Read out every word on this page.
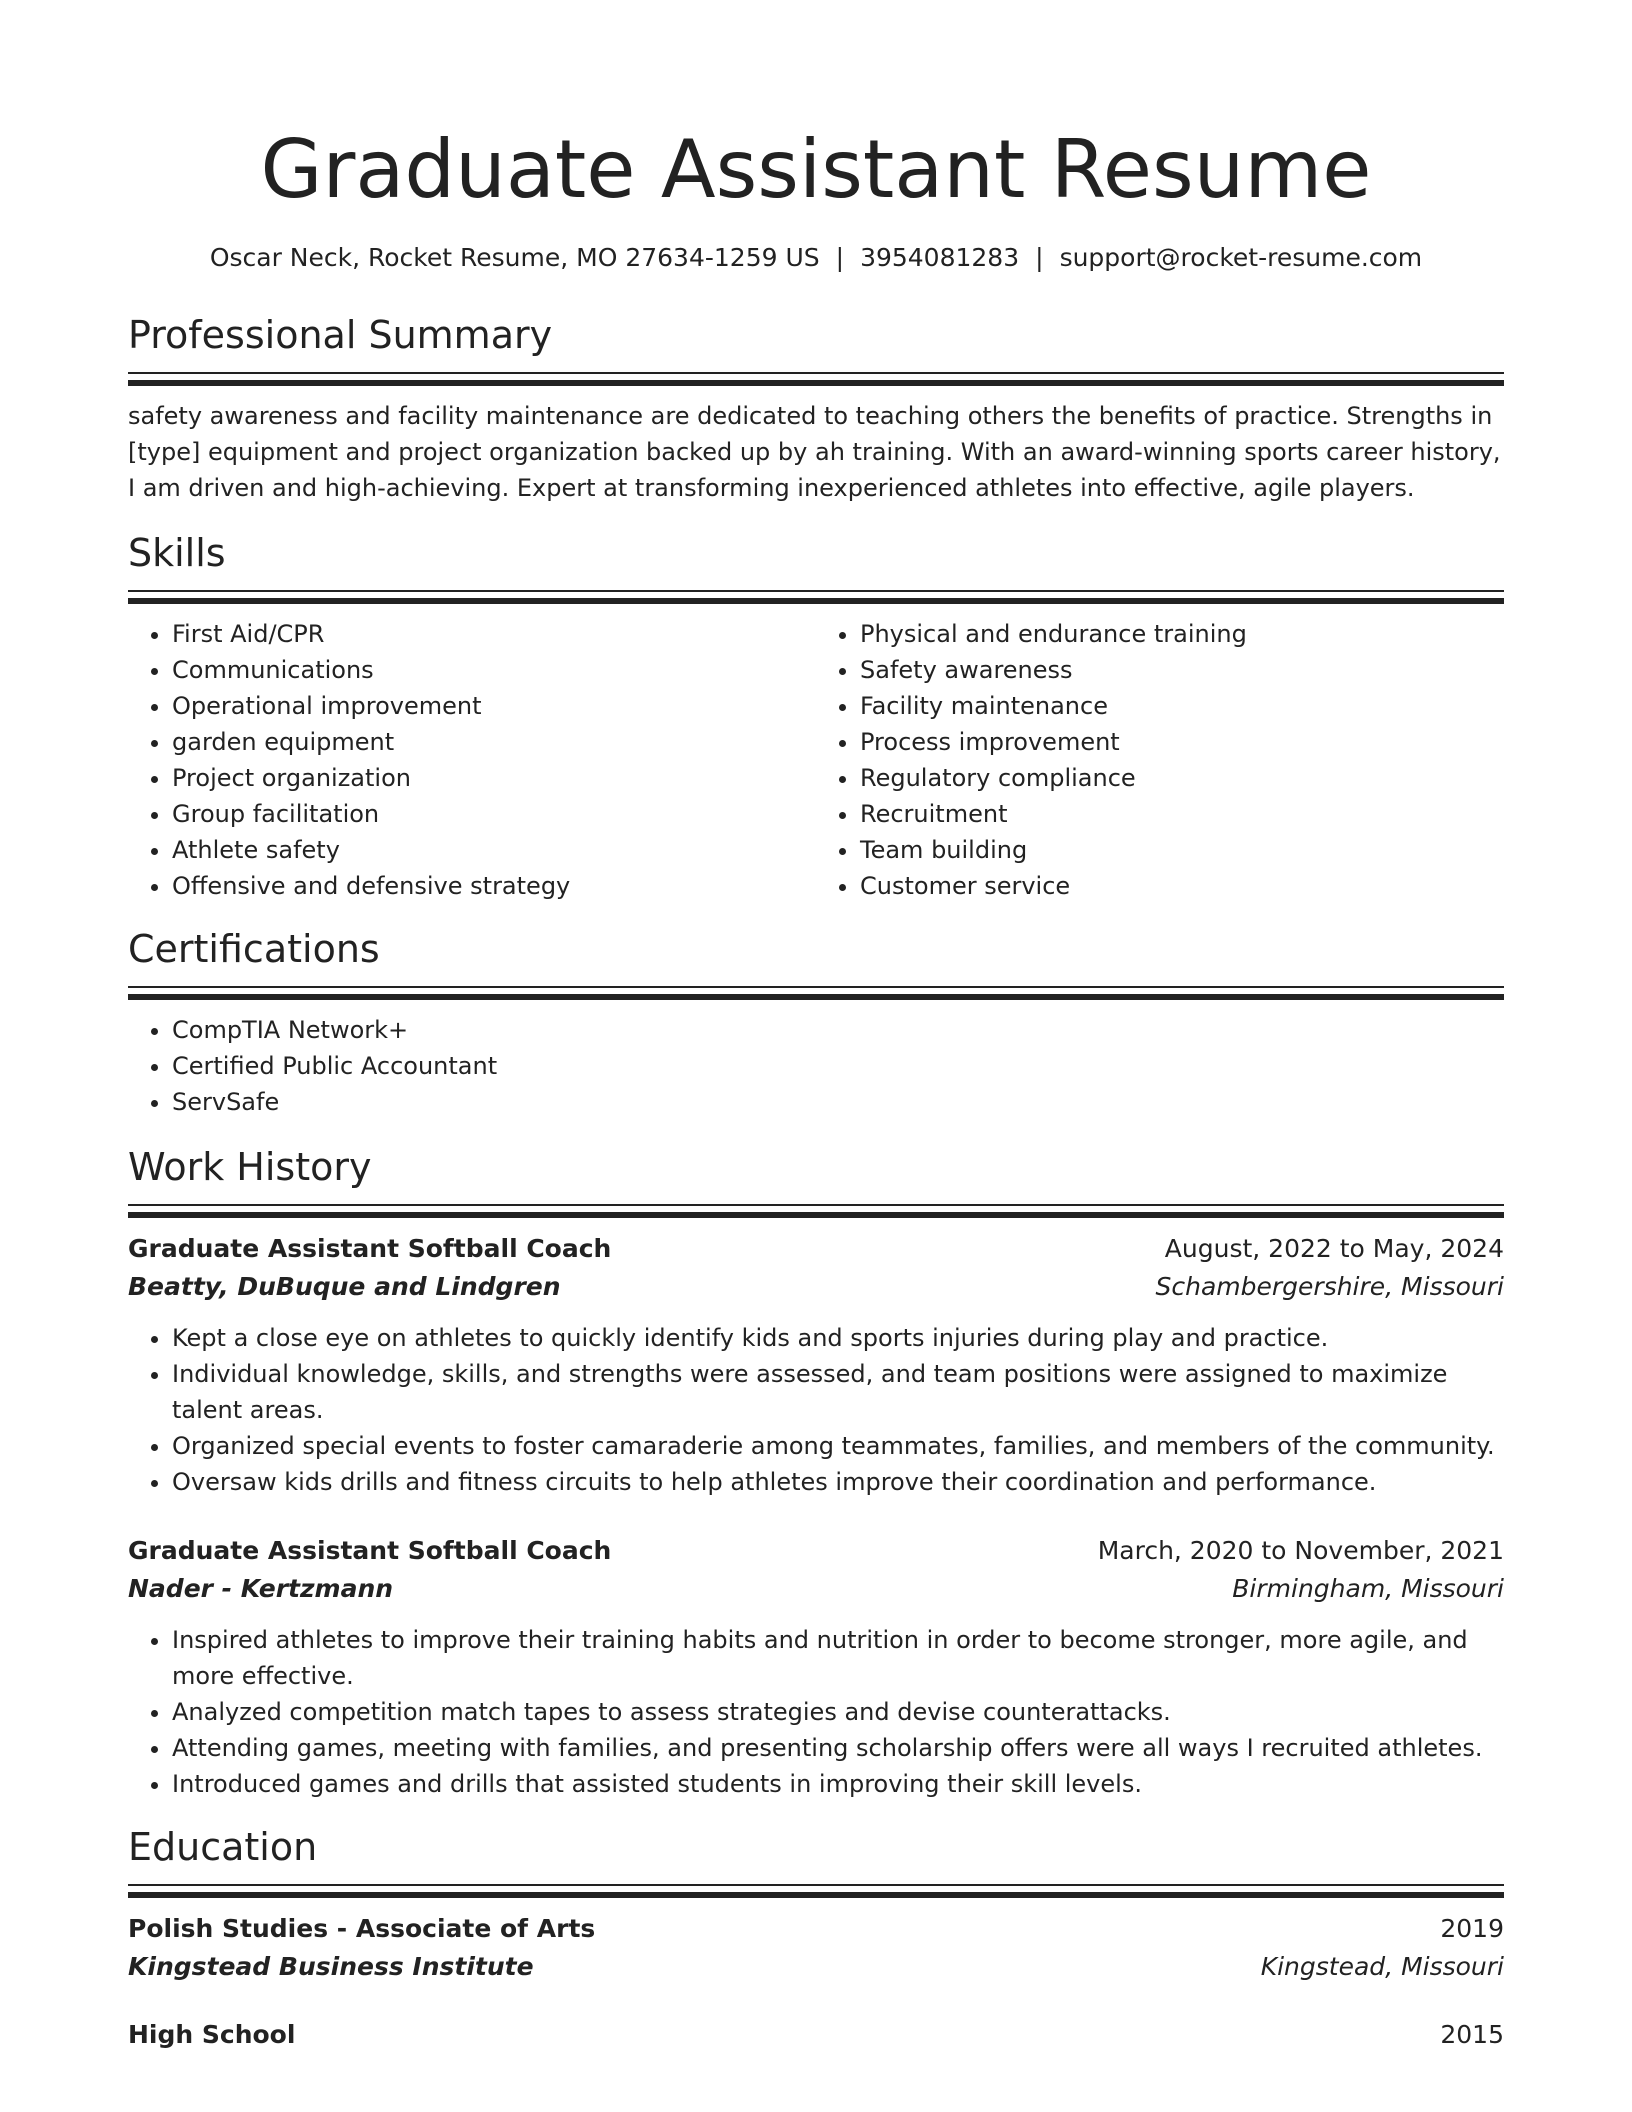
Graduate Assistant Resume
Oscar Neck, Rocket Resume, MO 27634-1259 US | 3954081283 | support@rocket-resume.com
Professional Summary

safety awareness and facility maintenance are dedicated to teaching others the benefits of practice. Strengths in [type] equipment and project organization backed up by ah training. With an award-winning sports career history, I am driven and high-achieving. Expert at transforming inexperienced athletes into effective, agile players.

Skills
• First Aid/CPR
• Communications
• Operational improvement
• garden equipment
• Project organization
• Group facilitation
• Athlete safety
• Offensive and defensive strategy
• Physical and endurance training
• Safety awareness
• Facility maintenance
• Process improvement
• Regulatory compliance
• Recruitment
• Team building
• Customer service
Certifications
• CompTIA Network+
• Certified Public Accountant
• ServSafe
Work History
Graduate Assistant Softball Coach	August, 2022 to May, 2024
Beatty, DuBuque and Lindgren	Schambergershire, Missouri
• Kept a close eye on athletes to quickly identify kids and sports injuries during play and practice.
• Individual knowledge, skills, and strengths were assessed, and team positions were assigned to maximize talent areas.
• Organized special events to foster camaraderie among teammates, families, and members of the community.
• Oversaw kids drills and fitness circuits to help athletes improve their coordination and performance.
Graduate Assistant Softball Coach	March, 2020 to November, 2021
Nader - Kertzmann	Birmingham, Missouri
• Inspired athletes to improve their training habits and nutrition in order to become stronger, more agile, and more effective.
• Analyzed competition match tapes to assess strategies and devise counterattacks.
• Attending games, meeting with families, and presenting scholarship offers were all ways I recruited athletes.
• Introduced games and drills that assisted students in improving their skill levels.
Education
Polish Studies - Associate of Arts	2019
Kingstead Business Institute	Kingstead, Missouri
High School	2015
